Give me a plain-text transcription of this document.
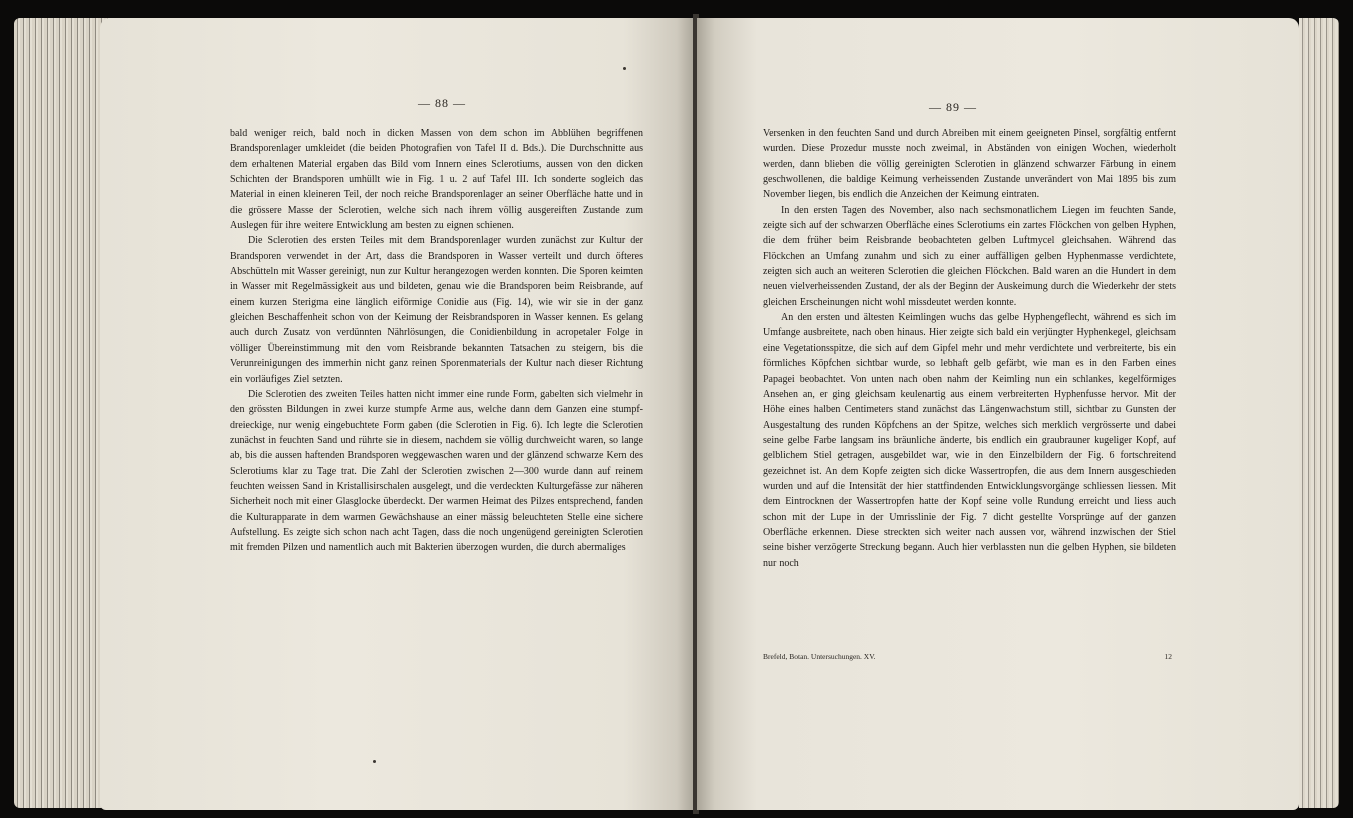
— 88 —

bald weniger reich, bald noch in dicken Massen von dem schon im Abblühen begriffenen Brandsporenlager umkleidet (die beiden Photografien von Tafel II d. Bds.). Die Durchschnitte aus dem erhaltenen Material ergaben das Bild vom Innern eines Sclerotiums, aussen von den dicken Schichten der Brandsporen umhüllt wie in Fig. 1 u. 2 auf Tafel III. Ich sonderte sogleich das Material in einen kleineren Teil, der noch reiche Brandsporenlager an seiner Oberfläche hatte und in die grössere Masse der Sclerotien, welche sich nach ihrem völlig ausgereiften Zustande zum Auslegen für ihre weitere Entwicklung am besten zu eignen schienen.

Die Sclerotien des ersten Teiles mit dem Brandsporenlager wurden zunächst zur Kultur der Brandsporen verwendet in der Art, dass die Brandsporen in Wasser verteilt und durch öfteres Abschütteln mit Wasser gereinigt, nun zur Kultur herangezogen werden konnten. Die Sporen keimten in Wasser mit Regelmässigkeit aus und bildeten, genau wie die Brandsporen beim Reisbrande, auf einem kurzen Sterigma eine länglich eiförmige Conidie aus (Fig. 14), wie wir sie in der ganz gleichen Beschaffenheit schon von der Keimung der Reisbrandsporen in Wasser kennen. Es gelang auch durch Zusatz von verdünnten Nährlösungen, die Conidienbildung in acropetaler Folge in völliger Übereinstimmung mit den vom Reisbrande bekannten Tatsachen zu steigern, bis die Verunreinigungen des immerhin nicht ganz reinen Sporenmaterials der Kultur nach dieser Richtung ein vorläufiges Ziel setzten.

Die Sclerotien des zweiten Teiles hatten nicht immer eine runde Form, gabelten sich vielmehr in den grössten Bildungen in zwei kurze stumpfe Arme aus, welche dann dem Ganzen eine stumpf-dreieckige, nur wenig eingebuchtete Form gaben (die Sclerotien in Fig. 6). Ich legte die Sclerotien zunächst in feuchten Sand und rührte sie in diesem, nachdem sie völlig durchweicht waren, so lange ab, bis die aussen haftenden Brandsporen weggewaschen waren und der glänzend schwarze Kern des Sclerotiums klar zu Tage trat. Die Zahl der Sclerotien zwischen 2—300 wurde dann auf reinem feuchten weissen Sand in Kristallisirschalen ausgelegt, und die verdeckten Kulturgefässe zur näheren Sicherheit noch mit einer Glasglocke überdeckt. Der warmen Heimat des Pilzes entsprechend, fanden die Kulturapparate in dem warmen Gewächshause an einer mässig beleuchteten Stelle eine sichere Aufstellung. Es zeigte sich schon nach acht Tagen, dass die noch ungenügend gereinigten Sclerotien mit fremden Pilzen und namentlich auch mit Bakterien überzogen wurden, die durch abermaliges

— 89 —

Versenken in den feuchten Sand und durch Abreiben mit einem geeigneten Pinsel, sorgfältig entfernt wurden. Diese Prozedur musste noch zweimal, in Abständen von einigen Wochen, wiederholt werden, dann blieben die völlig gereinigten Sclerotien in glänzend schwarzer Färbung in einem geschwollenen, die baldige Keimung verheissenden Zustande unverändert von Mai 1895 bis zum November liegen, bis endlich die Anzeichen der Keimung eintraten.

In den ersten Tagen des November, also nach sechsmonatlichem Liegen im feuchten Sande, zeigte sich auf der schwarzen Oberfläche eines Sclerotiums ein zartes Flöckchen von gelben Hyphen, die dem früher beim Reisbrande beobachteten gelben Luftmycel gleichsahen. Während das Flöckchen an Umfang zunahm und sich zu einer auffälligen gelben Hyphenmasse verdichtete, zeigten sich auch an weiteren Sclerotien die gleichen Flöckchen. Bald waren an die Hundert in dem neuen vielverheissenden Zustand, der als der Beginn der Auskeimung durch die Wiederkehr der stets gleichen Erscheinungen nicht wohl missdeutet werden konnte.

An den ersten und ältesten Keimlingen wuchs das gelbe Hyphengeflecht, während es sich im Umfange ausbreitete, nach oben hinaus. Hier zeigte sich bald ein verjüngter Hyphenkegel, gleichsam eine Vegetationsspitze, die sich auf dem Gipfel mehr und mehr verdichtete und verbreiterte, bis ein förmliches Köpfchen sichtbar wurde, so lebhaft gelb gefärbt, wie man es in den Farben eines Papagei beobachtet. Von unten nach oben nahm der Keimling nun ein schlankes, kegelförmiges Ansehen an, er ging gleichsam keulenartig aus einem verbreiterten Hyphenfusse hervor. Mit der Höhe eines halben Centimeters stand zunächst das Längenwachstum still, sichtbar zu Gunsten der Ausgestaltung des runden Köpfchens an der Spitze, welches sich merklich vergrösserte und dabei seine gelbe Farbe langsam ins bräunliche änderte, bis endlich ein graubrauner kugeliger Kopf, auf gelblichem Stiel getragen, ausgebildet war, wie in den Einzelbildern der Fig. 6 fortschreitend gezeichnet ist. An dem Kopfe zeigten sich dicke Wassertropfen, die aus dem Innern ausgeschieden wurden und auf die Intensität der hier stattfindenden Entwicklungsvorgänge schliessen liessen. Mit dem Eintrocknen der Wassertropfen hatte der Kopf seine volle Rundung erreicht und liess auch schon mit der Lupe in der Umrisslinie der Fig. 7 dicht gestellte Vorsprünge auf der ganzen Oberfläche erkennen. Diese streckten sich weiter nach aussen vor, während inzwischen der Stiel seine bisher verzögerte Streckung begann. Auch hier verblassten nun die gelben Hyphen, sie bildeten nur noch

Brefeld, Botan. Untersuchungen. XV.	12
